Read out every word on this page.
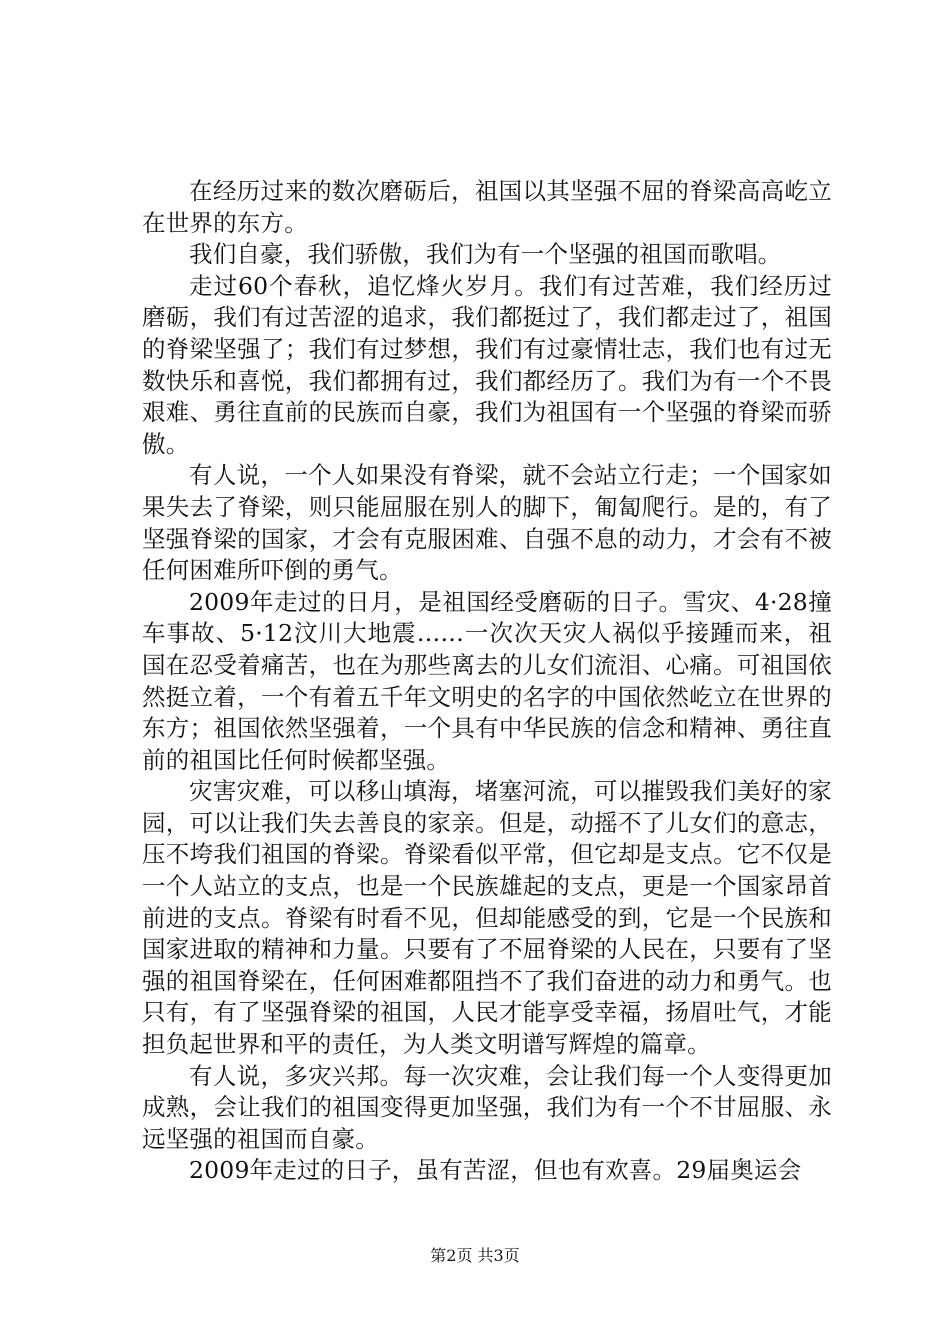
在经历过来的数次磨砺后，祖国以其坚强不屈的脊梁高高屹立在世界的东方。

我们自豪，我们骄傲，我们为有一个坚强的祖国而歌唱。

走过60个春秋，追忆烽火岁月。我们有过苦难，我们经历过磨砺，我们有过苦涩的追求，我们都挺过了，我们都走过了，祖国的脊梁坚强了；我们有过梦想，我们有过豪情壮志，我们也有过无数快乐和喜悦，我们都拥有过，我们都经历了。我们为有一个不畏艰难、勇往直前的民族而自豪，我们为祖国有一个坚强的脊梁而骄傲。

有人说，一个人如果没有脊梁，就不会站立行走；一个国家如果失去了脊梁，则只能屈服在别人的脚下，匍匐爬行。是的，有了坚强脊梁的国家，才会有克服困难、自强不息的动力，才会有不被任何困难所吓倒的勇气。

2009年走过的日月，是祖国经受磨砺的日子。雪灾、4·28撞车事故、5·12汶川大地震……一次次天灾人祸似乎接踵而来，祖国在忍受着痛苦，也在为那些离去的儿女们流泪、心痛。可祖国依然挺立着，一个有着五千年文明史的名字的中国依然屹立在世界的东方；祖国依然坚强着，一个具有中华民族的信念和精神、勇往直前的祖国比任何时候都坚强。

灾害灾难，可以移山填海，堵塞河流，可以摧毁我们美好的家园，可以让我们失去善良的家亲。但是，动摇不了儿女们的意志，压不垮我们祖国的脊梁。脊梁看似平常，但它却是支点。它不仅是一个人站立的支点，也是一个民族雄起的支点，更是一个国家昂首前进的支点。脊梁有时看不见，但却能感受的到，它是一个民族和国家进取的精神和力量。只要有了不屈脊梁的人民在，只要有了坚强的祖国脊梁在，任何困难都阻挡不了我们奋进的动力和勇气。也只有，有了坚强脊梁的祖国，人民才能享受幸福，扬眉吐气，才能担负起世界和平的责任，为人类文明谱写辉煌的篇章。

有人说，多灾兴邦。每一次灾难，会让我们每一个人变得更加成熟，会让我们的祖国变得更加坚强，我们为有一个不甘屈服、永远坚强的祖国而自豪。

2009年走过的日子，虽有苦涩，但也有欢喜。29届奥运会

第2页 共3页
